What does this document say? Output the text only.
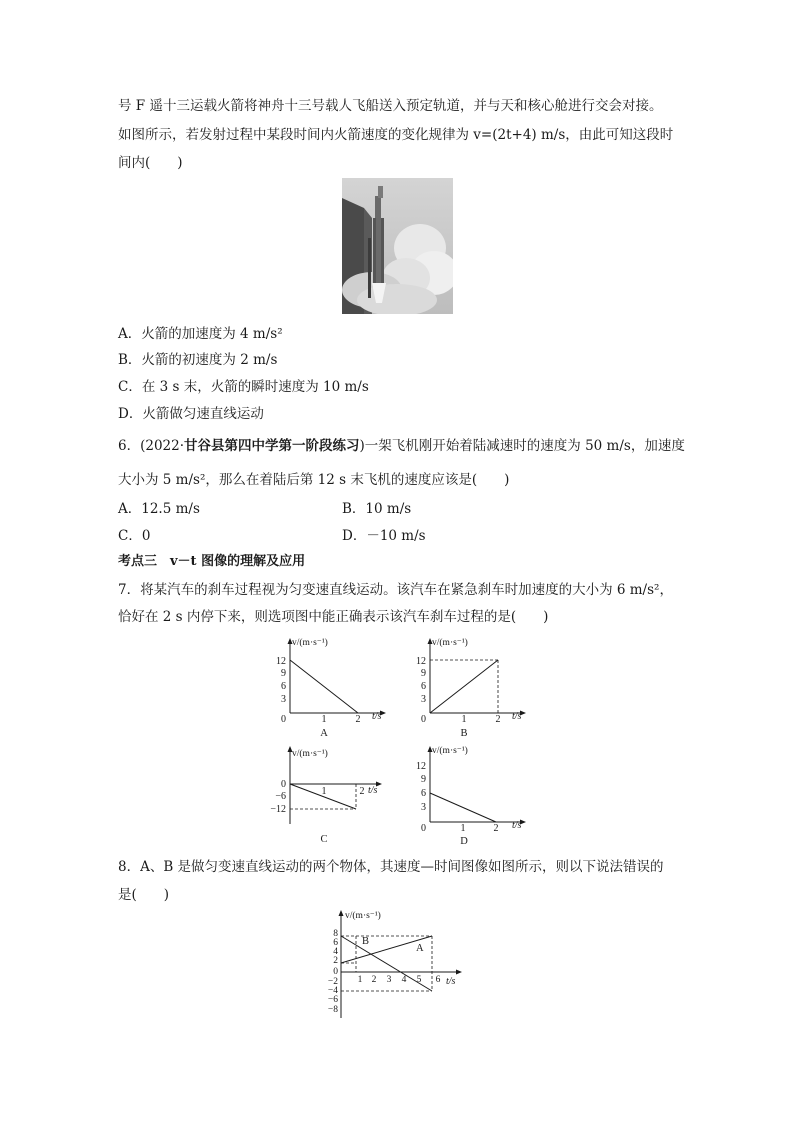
号 F 遥十三运载火箭将神舟十三号载人飞船送入预定轨道，并与天和核心舱进行交会对接。
如图所示，若发射过程中某段时间内火箭速度的变化规律为 v=(2t+4) m/s，由此可知这段时
间内(　　)
A．火箭的加速度为 4 m/s²
B．火箭的初速度为 2 m/s
C．在 3 s 末，火箭的瞬时速度为 10 m/s
D．火箭做匀速直线运动
6．(2022·甘谷县第四中学第一阶段练习)一架飞机刚开始着陆减速时的速度为 50 m/s，加速度
大小为 5 m/s²，那么在着陆后第 12 s 末飞机的速度应该是(　　)
A．12.5 m/s	B．10 m/s
C．0	D．－10 m/s
考点三　v－t 图像的理解及应用
7．将某汽车的刹车过程视为匀变速直线运动。该汽车在紧急刹车时加速度的大小为 6 m/s²，
恰好在 2 s 内停下来，则选项图中能正确表示该汽车刹车过程的是(　　)
v/(m·s⁻¹)
t/s
12
9
6
3
0	1	2
A
v/(m·s⁻¹)
t/s
12
9
6
3
0	1	2
B
v/(m·s⁻¹)
t/s
0
−6
−12
1	2
C
v/(m·s⁻¹)
t/s
12
9
6
3
0	1	2
D
8．A、B 是做匀变速直线运动的两个物体，其速度—时间图像如图所示，则以下说法错误的
是(　　)
v/(m·s⁻¹)
t/s
8
6
4
2
0
−2
−4
−6
−8
1 2 3 4 5 6
B
A
